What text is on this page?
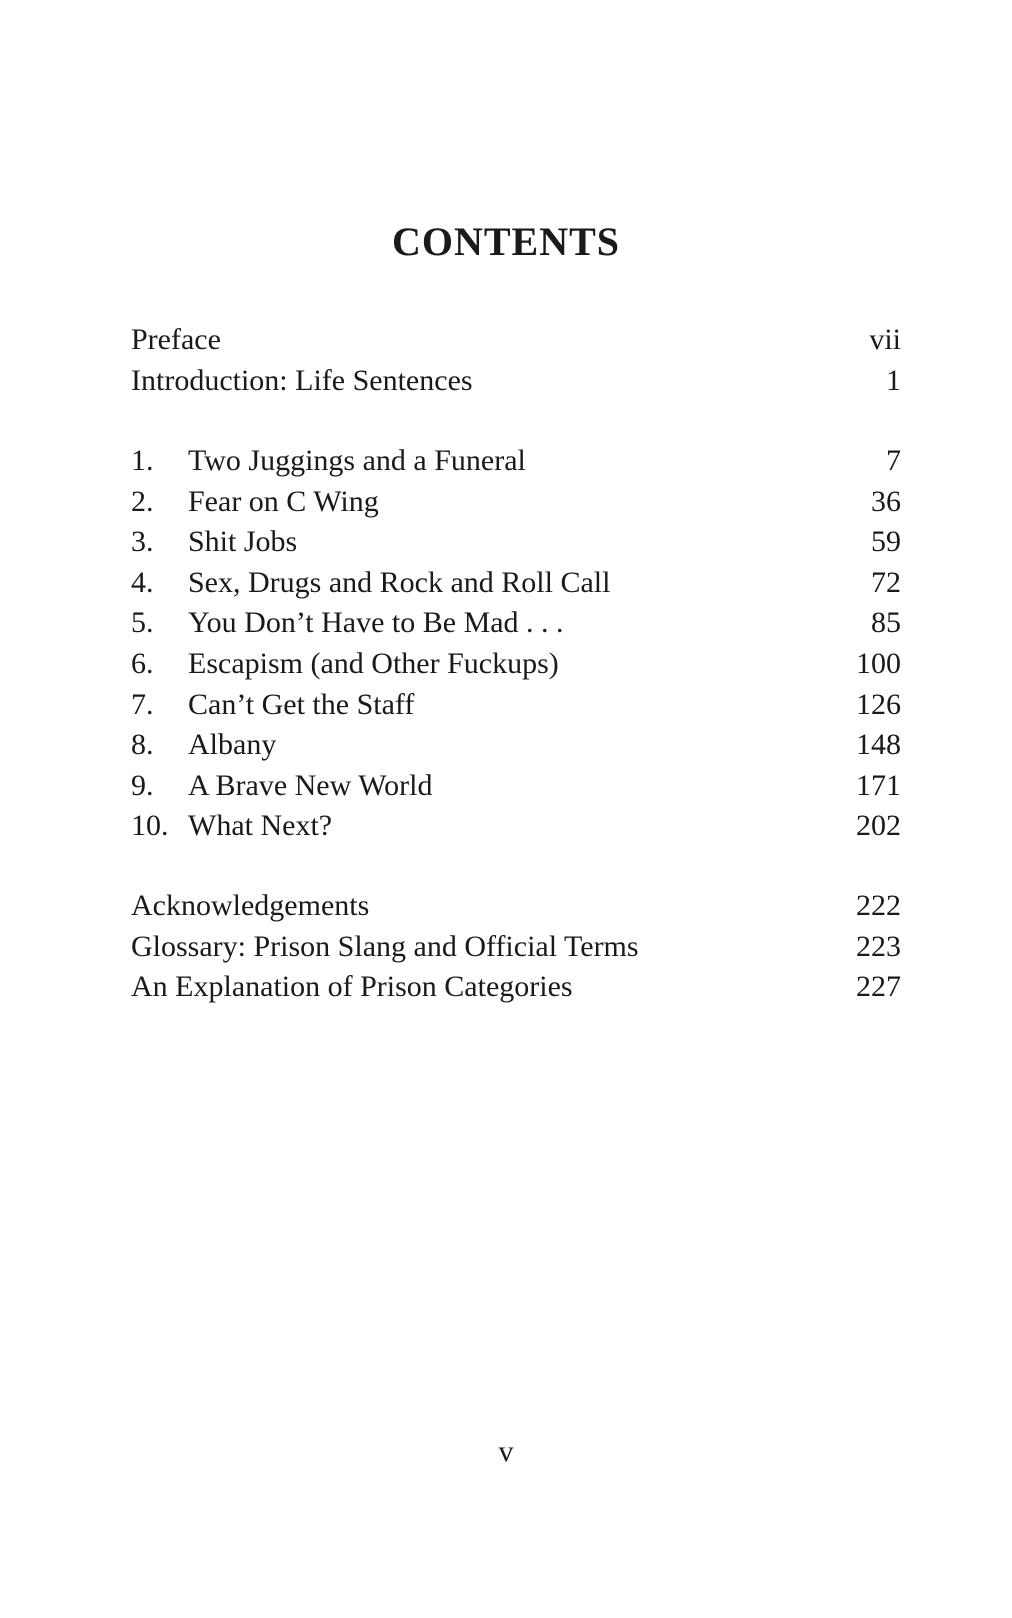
CONTENTS
Preface	vii
Introduction: Life Sentences	1
1.	Two Juggings and a Funeral	7
2.	Fear on C Wing	36
3.	Shit Jobs	59
4.	Sex, Drugs and Rock and Roll Call	72
5.	You Don’t Have to Be Mad . . .	85
6.	Escapism (and Other Fuckups)	100
7.	Can’t Get the Staff	126
8.	Albany	148
9.	A Brave New World	171
10. What Next?	202
Acknowledgements	222
Glossary: Prison Slang and Official Terms	223
An Explanation of Prison Categories	227
v
